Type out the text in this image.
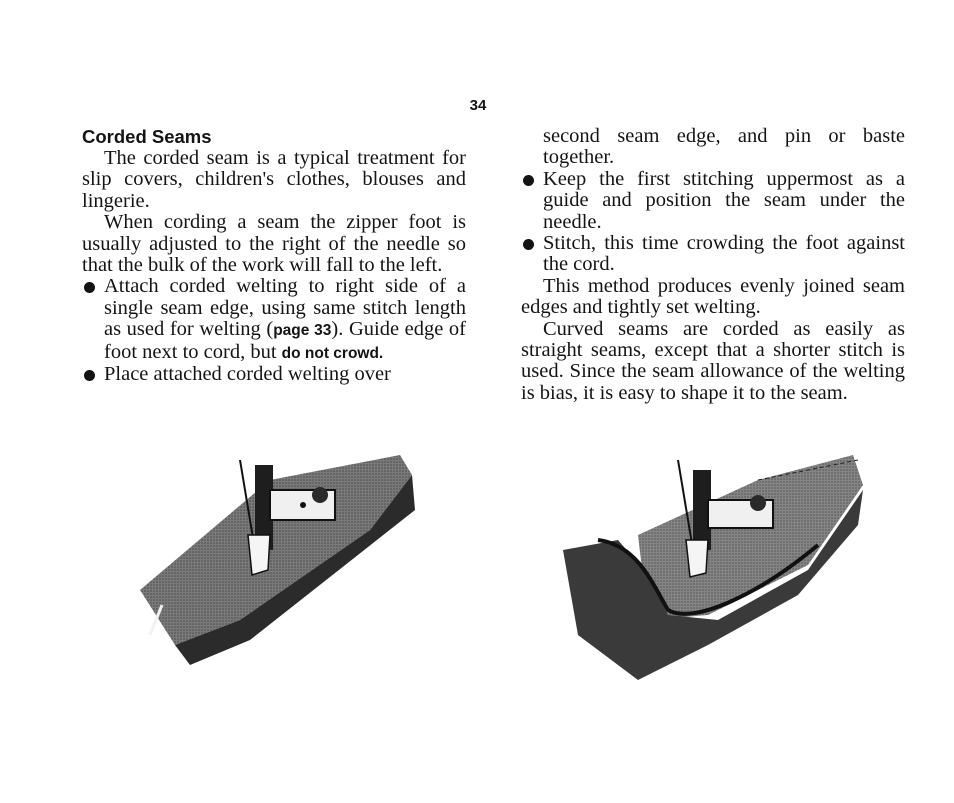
34
Corded Seams

The corded seam is a typical treatment for slip covers, children's clothes, blouses and lingerie.

When cording a seam the zipper foot is usually adjusted to the right of the needle so that the bulk of the work will fall to the left.

Attach corded welting to right side of a single seam edge, using same stitch length as used for welting (page 33). Guide edge of foot next to cord, but do not crowd.

Place attached corded welting over

second seam edge, and pin or baste together.

Keep the first stitching uppermost as a guide and position the seam under the needle.

Stitch, this time crowding the foot against the cord.

This method produces evenly joined seam edges and tightly set welting.

Curved seams are corded as easily as straight seams, except that a shorter stitch is used. Since the seam allowance of the welting is bias, it is easy to shape it to the seam.
